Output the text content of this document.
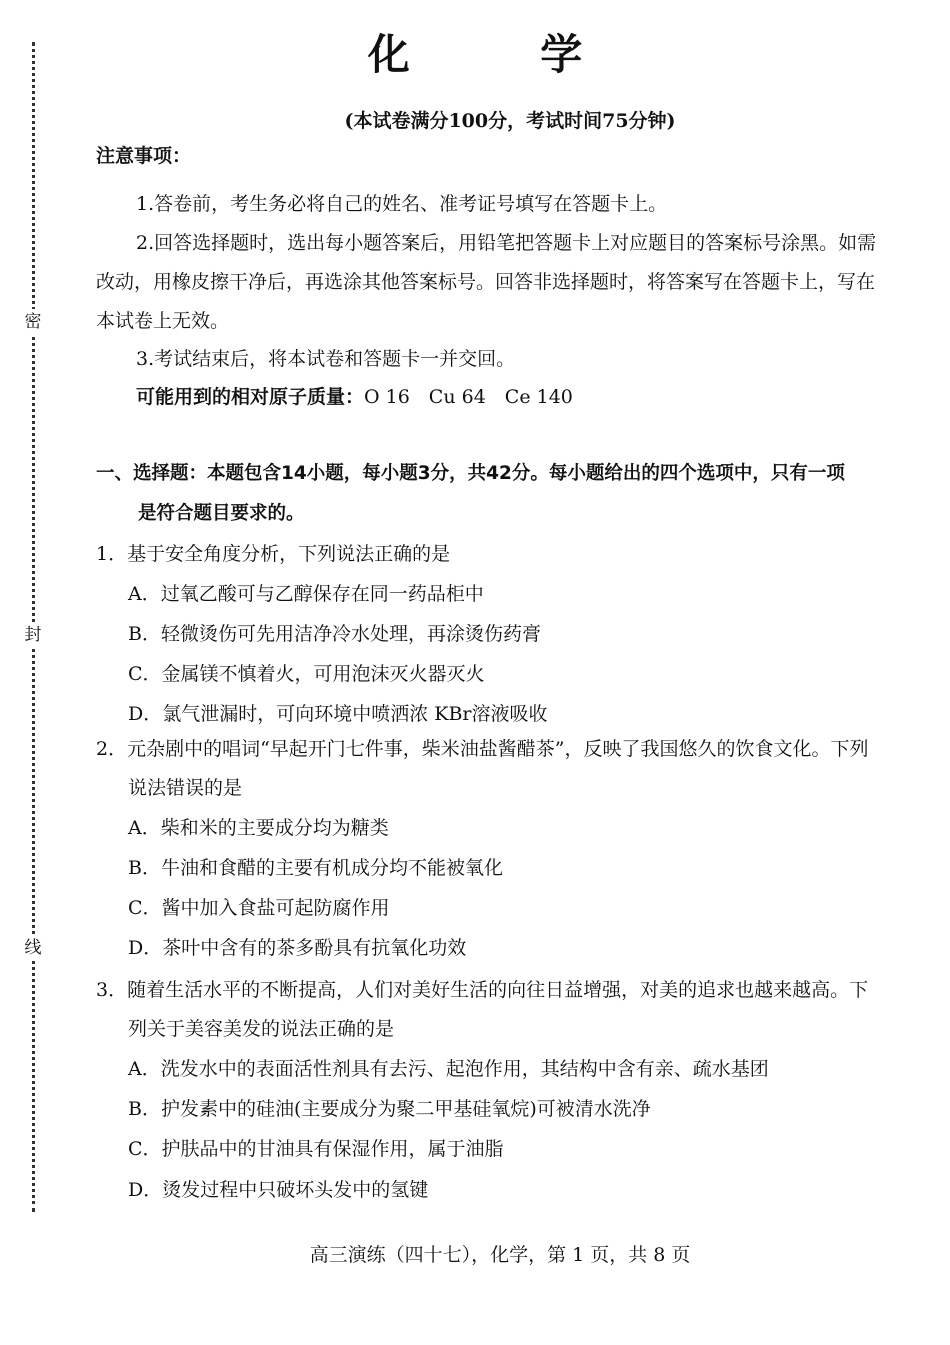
密
封
线
化 学
(本试卷满分100分，考试时间75分钟)
注意事项：
1.答卷前，考生务必将自己的姓名、准考证号填写在答题卡上。
2.回答选择题时，选出每小题答案后，用铅笔把答题卡上对应题目的答案标号涂黑。如需
改动，用橡皮擦干净后，再选涂其他答案标号。回答非选择题时，将答案写在答题卡上，写在
本试卷上无效。
3.考试结束后，将本试卷和答题卡一并交回。
可能用到的相对原子质量：O 16　Cu 64　Ce 140
一、选择题：本题包含14小题，每小题3分，共42分。每小题给出的四个选项中，只有一项
是符合题目要求的。
1．基于安全角度分析，下列说法正确的是
A．过氧乙酸可与乙醇保存在同一药品柜中
B．轻微烫伤可先用洁净冷水处理，再涂烫伤药膏
C．金属镁不慎着火，可用泡沫灭火器灭火
D．氯气泄漏时，可向环境中喷洒浓 KBr溶液吸收
2．元杂剧中的唱词“早起开门七件事，柴米油盐酱醋茶”，反映了我国悠久的饮食文化。下列
说法错误的是
A．柴和米的主要成分均为糖类
B．牛油和食醋的主要有机成分均不能被氧化
C．酱中加入食盐可起防腐作用
D．茶叶中含有的茶多酚具有抗氧化功效
3．随着生活水平的不断提高，人们对美好生活的向往日益增强，对美的追求也越来越高。下
列关于美容美发的说法正确的是
A．洗发水中的表面活性剂具有去污、起泡作用，其结构中含有亲、疏水基团
B．护发素中的硅油(主要成分为聚二甲基硅氧烷)可被清水洗净
C．护肤品中的甘油具有保湿作用，属于油脂
D．烫发过程中只破坏头发中的氢键
高三演练（四十七），化学，第 1 页，共 8 页
